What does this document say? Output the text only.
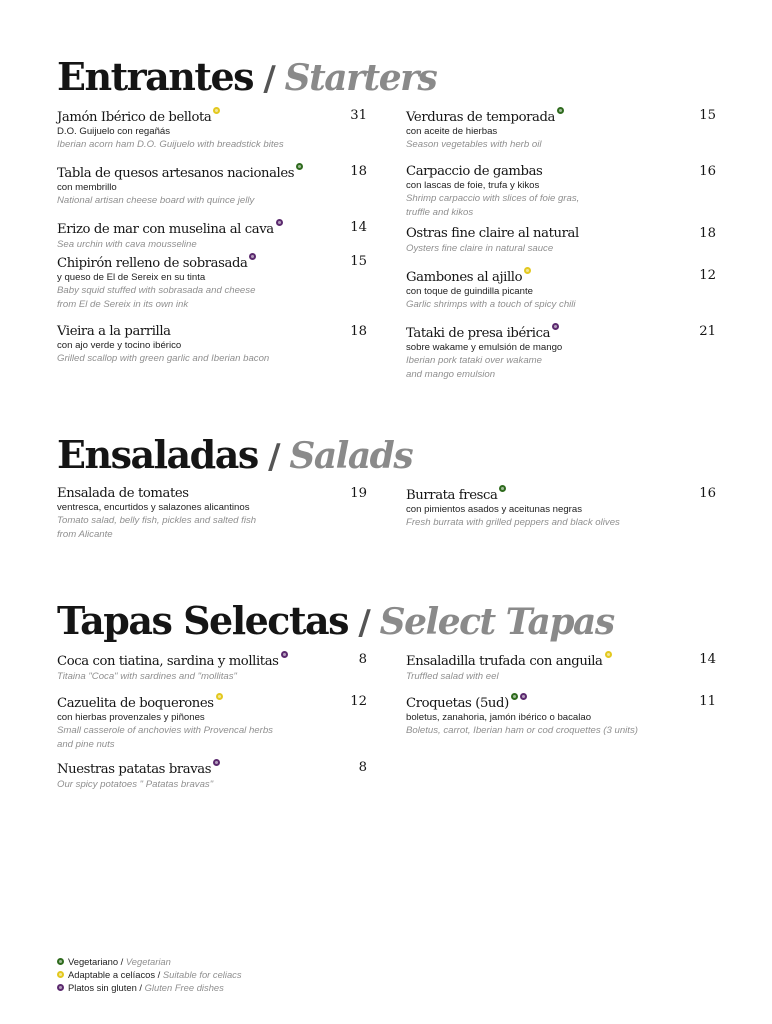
Entrantes / Starters
Jamón Ibérico de bellota	31
D.O. Guijuelo con regañás
Iberian acorn ham D.O. Guijuelo with breadstick bites
Tabla de quesos artesanos nacionales	18
con membrillo
National artisan cheese board with quince jelly
Erizo de mar con muselina al cava	14
Sea urchin with cava mousseline
Chipirón relleno de sobrasada	15
y queso de El de Sereix en su tinta
Baby squid stuffed with sobrasada and cheese
from El de Sereix in its own ink
Vieira a la parrilla	18
con ajo verde y tocino ibérico
Grilled scallop with green garlic and Iberian bacon
Verduras de temporada	15
con aceite de hierbas
Season vegetables with herb oil
Carpaccio de gambas	16
con lascas de foie, trufa y kikos
Shrimp carpaccio with slices of foie gras,
truffle and kikos
Ostras fine claire al natural	18
Oysters fine claire in natural sauce
Gambones al ajillo	12
con toque de guindilla picante
Garlic shrimps with a touch of spicy chili
Tataki de presa ibérica	21
sobre wakame y emulsión de mango
Iberian pork tataki over wakame
and mango emulsion
Ensaladas / Salads
Ensalada de tomates	19
ventresca, encurtidos y salazones alicantinos
Tomato salad, belly fish, pickles and salted fish
from Alicante
Burrata fresca	16
con pimientos asados y aceitunas negras
Fresh burrata with grilled peppers and black olives
Tapas Selectas / Select Tapas
Coca con tiatina, sardina y mollitas	8
Titaina "Coca" with sardines and "mollitas"
Cazuelita de boquerones	12
con hierbas provenzales y piñones
Small casserole of anchovies with Provencal herbs
and pine nuts
Nuestras patatas bravas	8
Our spicy potatoes " Patatas bravas"
Ensaladilla trufada con anguila	14
Truffled salad with eel
Croquetas (5ud)	11
boletus, zanahoria, jamón ibérico o bacalao
Boletus, carrot, Iberian ham or cod croquettes (3 units)
Vegetariano / Vegetarian
Adaptable a celíacos / Suitable for celiacs
Platos sin gluten / Gluten Free dishes
